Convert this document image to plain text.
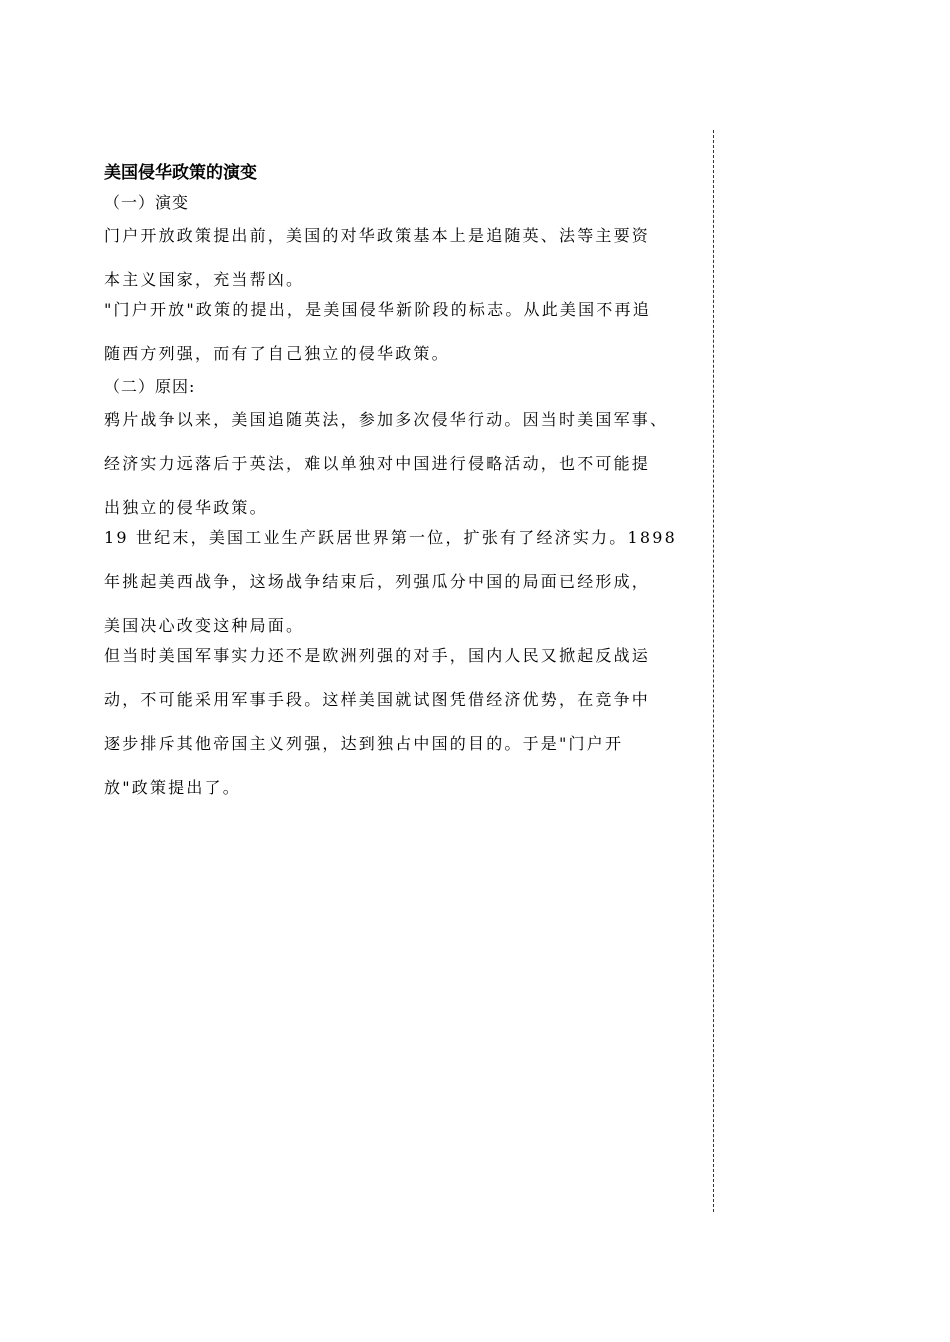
美国侵华政策的演变
（一）演变
门户开放政策提出前，美国的对华政策基本上是追随英、法等主要资
本主义国家，充当帮凶。
"门户开放"政策的提出，是美国侵华新阶段的标志。从此美国不再追
随西方列强，而有了自己独立的侵华政策。
（二）原因:
鸦片战争以来，美国追随英法，参加多次侵华行动。因当时美国军事、
经济实力远落后于英法，难以单独对中国进行侵略活动，也不可能提
出独立的侵华政策。
19 世纪末，美国工业生产跃居世界第一位，扩张有了经济实力。1898
年挑起美西战争，这场战争结束后，列强瓜分中国的局面已经形成，
美国决心改变这种局面。
但当时美国军事实力还不是欧洲列强的对手，国内人民又掀起反战运
动，不可能采用军事手段。这样美国就试图凭借经济优势，在竞争中
逐步排斥其他帝国主义列强，达到独占中国的目的。于是"门户开
放"政策提出了。
